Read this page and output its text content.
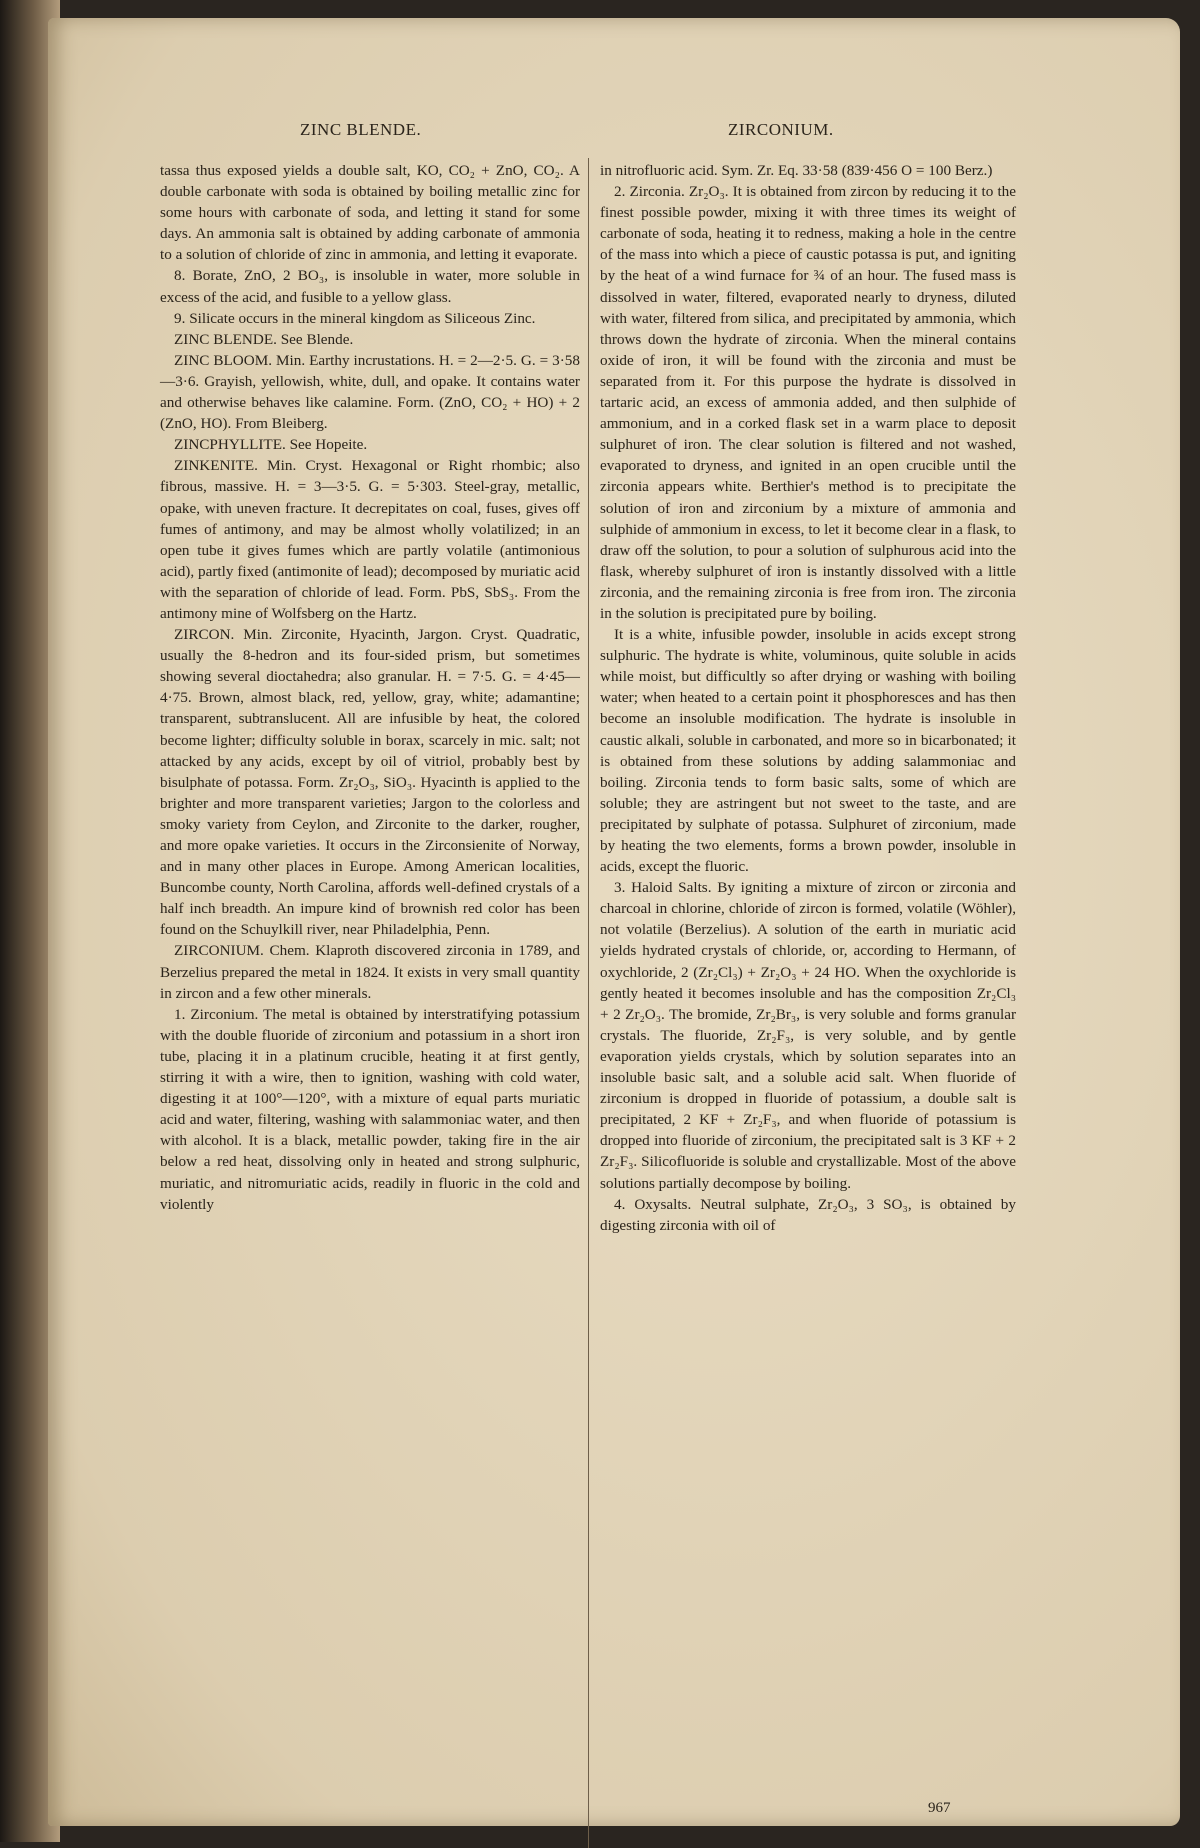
ZINC BLENDE.	ZIRCONIUM.

tassa thus exposed yields a double salt, KO, CO₂ + ZnO, CO₂. A double carbonate with soda is obtained by boiling metallic zinc for some hours with carbonate of soda, and letting it stand for some days. An ammonia salt is obtained by adding carbonate of ammonia to a solution of chloride of zinc in ammonia, and letting it evaporate.

8. Borate, ZnO, 2 BO₃, is insoluble in water, more soluble in excess of the acid, and fusible to a yellow glass.

9. Silicate occurs in the mineral kingdom as Siliceous Zinc.

ZINC BLENDE. See Blende.

ZINC BLOOM. Min. Earthy incrustations. H. = 2—2·5. G. = 3·58—3·6. Grayish, yellowish, white, dull, and opake. It contains water and otherwise behaves like calamine. Form. (ZnO, CO₂ + HO) + 2 (ZnO, HO). From Bleiberg.

ZINCPHYLLITE. See Hopeite.

ZINKENITE. Min. Cryst. Hexagonal or Right rhombic; also fibrous, massive. H. = 3—3·5. G. = 5·303. Steel-gray, metallic, opake, with uneven fracture. It decrepitates on coal, fuses, gives off fumes of antimony, and may be almost wholly volatilized; in an open tube it gives fumes which are partly volatile (antimonious acid), partly fixed (antimonite of lead); decomposed by muriatic acid with the separation of chloride of lead. Form. PbS, SbS₃. From the antimony mine of Wolfsberg on the Hartz.

ZIRCON. Min. Zirconite, Hyacinth, Jargon. Cryst. Quadratic, usually the 8-hedron and its four-sided prism, but sometimes showing several dioctahedra; also granular. H. = 7·5. G. = 4·45—4·75. Brown, almost black, red, yellow, gray, white; adamantine; transparent, subtranslucent. All are infusible by heat, the colored become lighter; difficulty soluble in borax, scarcely in mic. salt; not attacked by any acids, except by oil of vitriol, probably best by bisulphate of potassa. Form. Zr₂O₃, SiO₃. Hyacinth is applied to the brighter and more transparent varieties; Jargon to the colorless and smoky variety from Ceylon, and Zirconite to the darker, rougher, and more opake varieties. It occurs in the Zirconsienite of Norway, and in many other places in Europe. Among American localities, Buncombe county, North Carolina, affords well-defined crystals of a half inch breadth. An impure kind of brownish red color has been found on the Schuylkill river, near Philadelphia, Penn.

ZIRCONIUM. Chem. Klaproth discovered zirconia in 1789, and Berzelius prepared the metal in 1824. It exists in very small quantity in zircon and a few other minerals.

1. Zirconium. The metal is obtained by interstratifying potassium with the double fluoride of zirconium and potassium in a short iron tube, placing it in a platinum crucible, heating it at first gently, stirring it with a wire, then to ignition, washing with cold water, digesting it at 100°—120°, with a mixture of equal parts muriatic acid and water, filtering, washing with salammoniac water, and then with alcohol. It is a black, metallic powder, taking fire in the air below a red heat, dissolving only in heated and strong sulphuric, muriatic, and nitromuriatic acids, readily in fluoric in the cold and violently

in nitrofluoric acid. Sym. Zr. Eq. 33·58 (839·456 O = 100 Berz.)

2. Zirconia. Zr₂O₃. It is obtained from zircon by reducing it to the finest possible powder, mixing it with three times its weight of carbonate of soda, heating it to redness, making a hole in the centre of the mass into which a piece of caustic potassa is put, and igniting by the heat of a wind furnace for ¾ of an hour. The fused mass is dissolved in water, filtered, evaporated nearly to dryness, diluted with water, filtered from silica, and precipitated by ammonia, which throws down the hydrate of zirconia. When the mineral contains oxide of iron, it will be found with the zirconia and must be separated from it. For this purpose the hydrate is dissolved in tartaric acid, an excess of ammonia added, and then sulphide of ammonium, and in a corked flask set in a warm place to deposit sulphuret of iron. The clear solution is filtered and not washed, evaporated to dryness, and ignited in an open crucible until the zirconia appears white. Berthier's method is to precipitate the solution of iron and zirconium by a mixture of ammonia and sulphide of ammonium in excess, to let it become clear in a flask, to draw off the solution, to pour a solution of sulphurous acid into the flask, whereby sulphuret of iron is instantly dissolved with a little zirconia, and the remaining zirconia is free from iron. The zirconia in the solution is precipitated pure by boiling.

It is a white, infusible powder, insoluble in acids except strong sulphuric. The hydrate is white, voluminous, quite soluble in acids while moist, but difficultly so after drying or washing with boiling water; when heated to a certain point it phosphoresces and has then become an insoluble modification. The hydrate is insoluble in caustic alkali, soluble in carbonated, and more so in bicarbonated; it is obtained from these solutions by adding salammoniac and boiling. Zirconia tends to form basic salts, some of which are soluble; they are astringent but not sweet to the taste, and are precipitated by sulphate of potassa. Sulphuret of zirconium, made by heating the two elements, forms a brown powder, insoluble in acids, except the fluoric.

3. Haloid Salts. By igniting a mixture of zircon or zirconia and charcoal in chlorine, chloride of zircon is formed, volatile (Wöhler), not volatile (Berzelius). A solution of the earth in muriatic acid yields hydrated crystals of chloride, or, according to Hermann, of oxychloride, 2 (Zr₂Cl₃) + Zr₂O₃ + 24 HO. When the oxychloride is gently heated it becomes insoluble and has the composition Zr₂Cl₃ + 2 Zr₂O₃. The bromide, Zr₂Br₃, is very soluble and forms granular crystals. The fluoride, Zr₂F₃, is very soluble, and by gentle evaporation yields crystals, which by solution separates into an insoluble basic salt, and a soluble acid salt. When fluoride of zirconium is dropped in fluoride of potassium, a double salt is precipitated, 2 KF + Zr₂F₃, and when fluoride of potassium is dropped into fluoride of zirconium, the precipitated salt is 3 KF + 2 Zr₂F₃. Silicofluoride is soluble and crystallizable. Most of the above solutions partially decompose by boiling.

4. Oxysalts. Neutral sulphate, Zr₂O₃, 3 SO₃, is obtained by digesting zirconia with oil of

967
